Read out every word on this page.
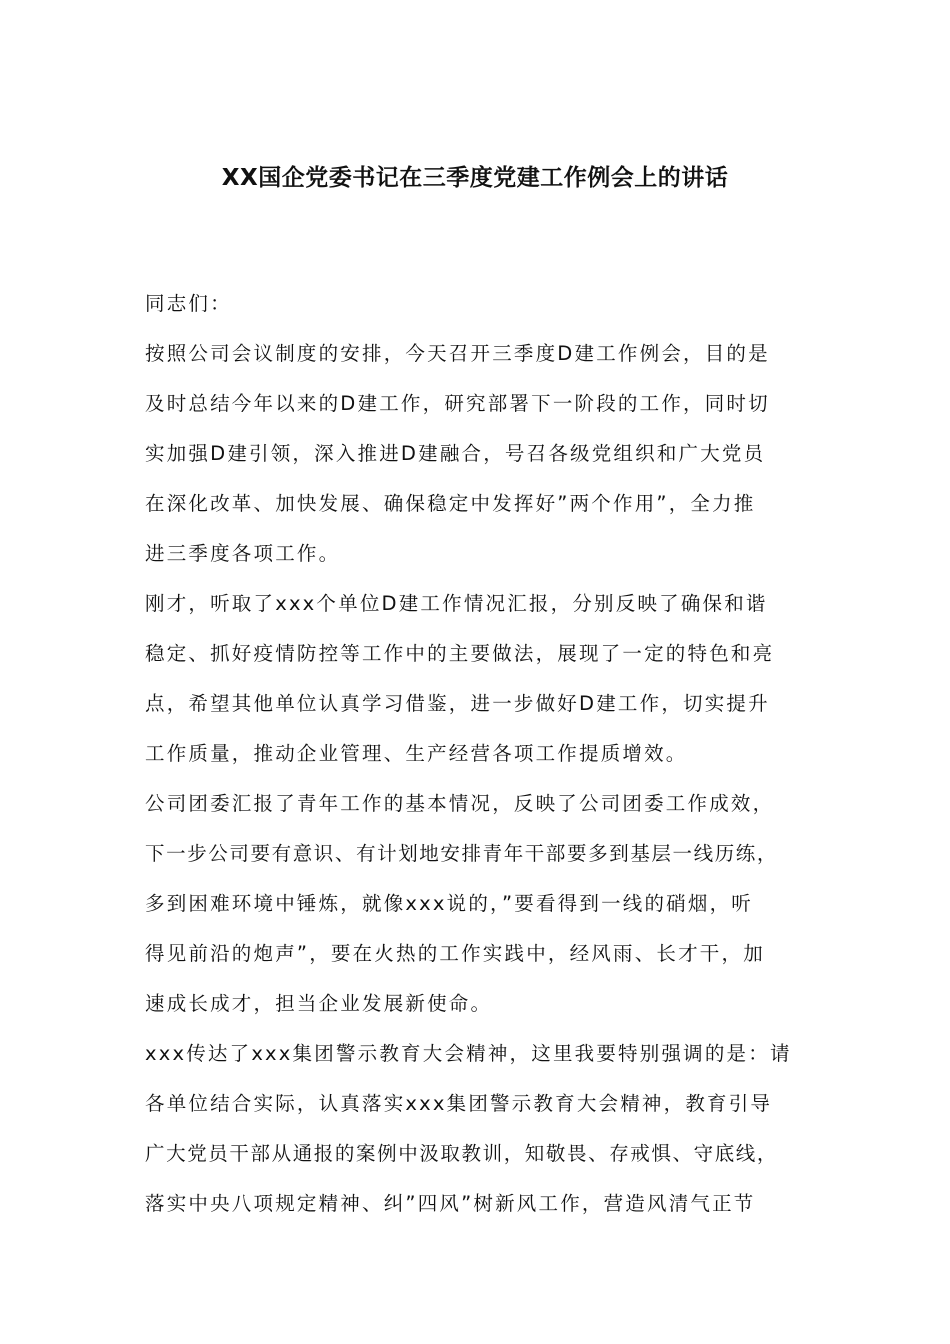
XX国企党委书记在三季度党建工作例会上的讲话
同志们：
按照公司会议制度的安排，今天召开三季度D建工作例会，目的是
及时总结今年以来的D建工作，研究部署下一阶段的工作，同时切
实加强D建引领，深入推进D建融合，号召各级党组织和广大党员
在深化改革、加快发展、确保稳定中发挥好”两个作用”，全力推
进三季度各项工作。
刚才，听取了xxx个单位D建工作情况汇报，分别反映了确保和谐
稳定、抓好疫情防控等工作中的主要做法，展现了一定的特色和亮
点，希望其他单位认真学习借鉴，进一步做好D建工作，切实提升
工作质量，推动企业管理、生产经营各项工作提质增效。
公司团委汇报了青年工作的基本情况，反映了公司团委工作成效，
下一步公司要有意识、有计划地安排青年干部要多到基层一线历练，
多到困难环境中锤炼，就像xxx说的，”要看得到一线的硝烟，听
得见前沿的炮声”，要在火热的工作实践中，经风雨、长才干，加
速成长成才，担当企业发展新使命。
xxx传达了xxx集团警示教育大会精神，这里我要特别强调的是：请
各单位结合实际，认真落实xxx集团警示教育大会精神，教育引导
广大党员干部从通报的案例中汲取教训，知敬畏、存戒惧、守底线，
落实中央八项规定精神、纠”四风”树新风工作，营造风清气正节
